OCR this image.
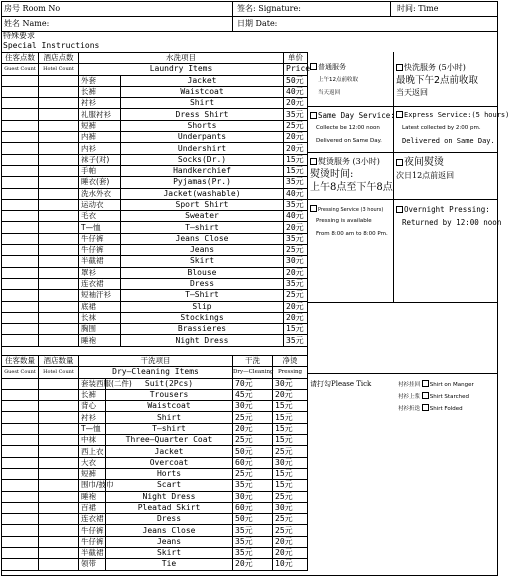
房号 Room No	签名: Signature:	时间: Time
姓名 Name:	日期 Date:
特殊要求
Special Instructions
住客点数	酒店点数	水洗项目		单价
Guest Count	Hotel Count	Laundry Items		Price
		外套	Jacket	50元
		长裤	Waistcoat	40元
		衬衫	Shirt	20元
		礼服衬衫	Dress Shirt	35元
		短裤	Shorts	25元
		内裤	Underpants	20元
		内衫	Undershirt	20元
		袜子(对)	Socks(Dr.)	15元
		手帕	Handkerchief	15元
		睡衣(套)	Pyjamas(Pr.)	35元
		洗水外衣	Jacket(washable)	40元
		运动衣	Sport Shirt	35元
		毛衣	Sweater	40元
		T—恤	T—shirt	20元
		牛仔裤	Jeans Close	35元
		牛仔裤	Jeans	25元
		半截裙	Skirt	30元
		罩衫	Blouse	20元
		连衣裙	Dress	35元
		短袖汗衫	T—Shirt	25元
		底裙	Slip	20元
		长袜	Stockings	20元
		胸围	Brassieres	15元
		睡袍	Night Dress	35元
住客数量	酒店数量	干洗项目		干洗	净烫
Guest Count	Hotel Count	Dry—Cleaning Items		Dry—Cleaning	Pressing
		套装西服(二件)	Suit(2Pcs)	70元	30元
		长裤	Trousers	45元	20元
		背心	Waistcoat	30元	15元
		衬衫	Shirt	25元	15元
		T—恤	T—shirt	20元	15元
		中袜	Three—Quarter Coat	25元	15元
		西上衣	Jacket	50元	25元
		大衣	Overcoat	60元	30元
		短裤	Horts	25元	15元
		围巾/披巾	Scart	35元	15元
		睡袍	Night Dress	30元	25元
		百裙	Pleatad Skirt	60元	30元
		连衣裙	Dress	50元	25元
		牛仔裤	Jeans Close	35元	25元
		牛仔裤	Jeans	35元	20元
		半截裙	Skirt	35元	20元
		领带	Tie	20元	10元
普通服务
上午12点前收取
当天返回
快洗服务 (5小时)
最晚下午2点前收取
当天返回
Same Day Service:
Collecte be 12:00 noon
Delivered on Same Day.
Express Service:(5 hours)
Latest collected by 2:00 pm.
Delivered on Same Day.
熨烫服务 (3小时)
熨烫时间:
上午8点至下午8点
夜间熨烫
次日12点前返回
Pressing Service (3 hours)
Pressing is available
From 8:00 am to 8:00 Pm.
Overnight Pressing:
Returned by 12:00 noon
请打勾Please Tick	衬衫挂回 Shirt on Manger
衬衫上浆 Shirt Starched
衬衫折迭 Shirt Folded
